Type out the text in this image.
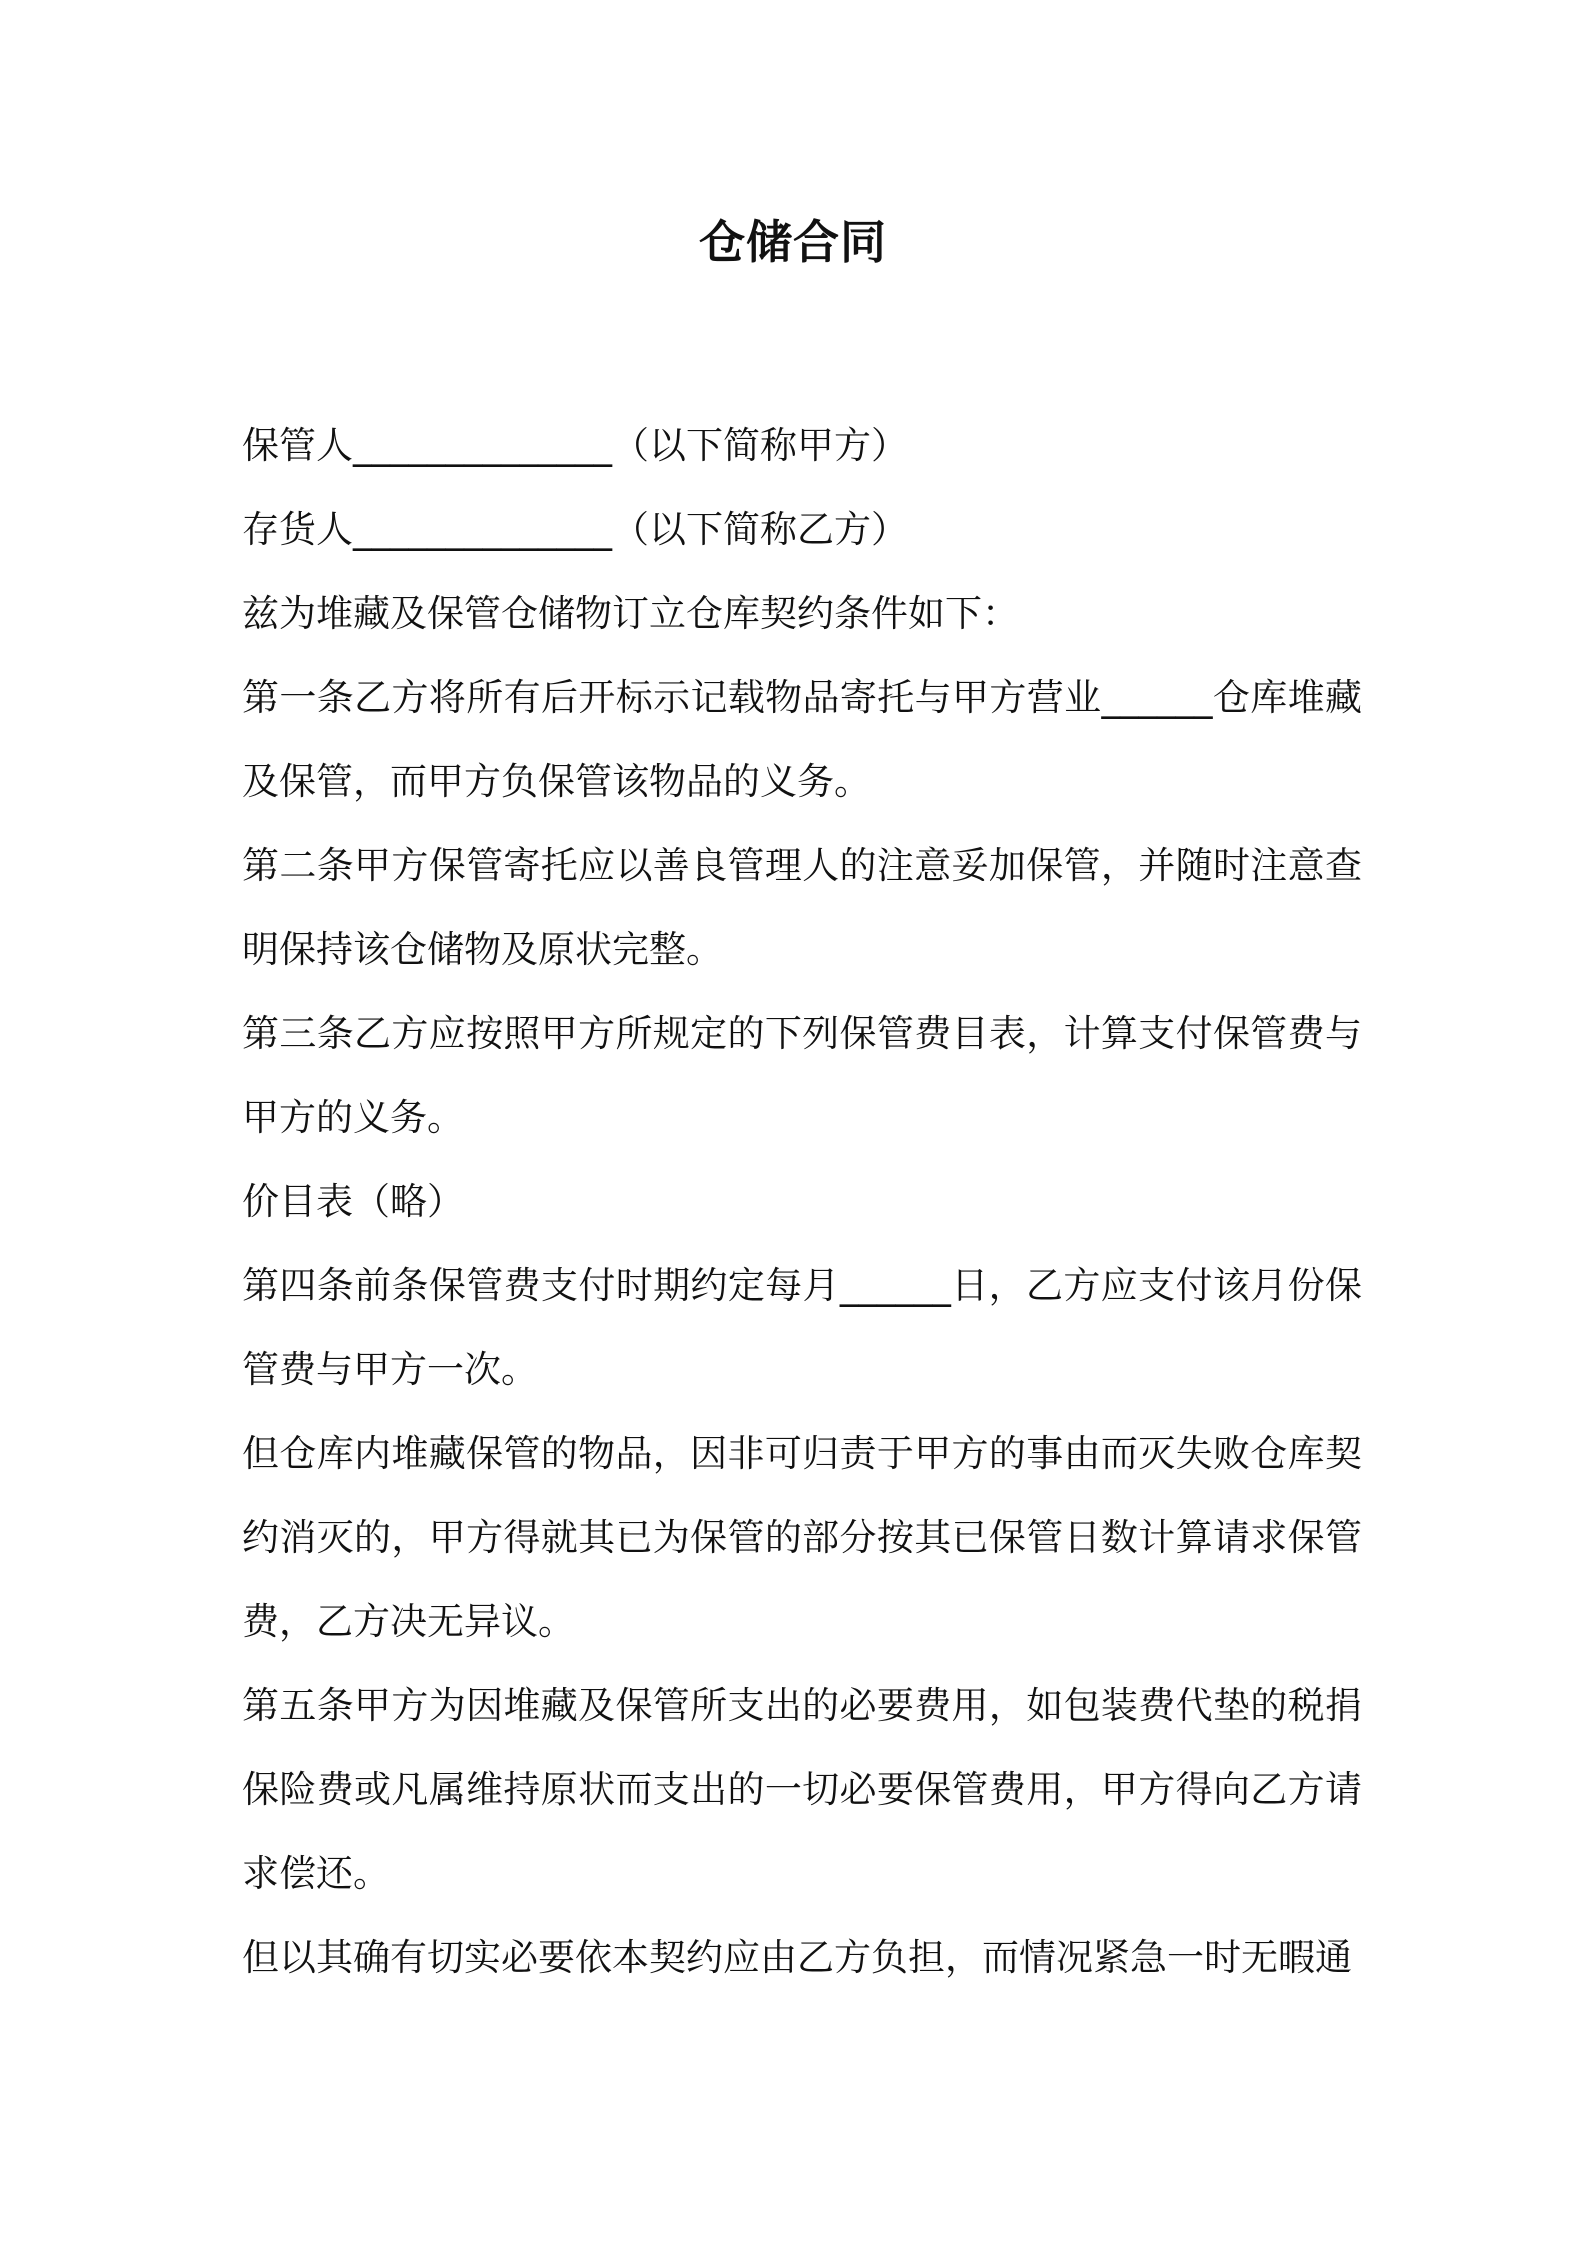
仓储合同

保管人______________（以下简称甲方）

存货人______________（以下简称乙方）

兹为堆藏及保管仓储物订立仓库契约条件如下：

第一条乙方将所有后开标示记载物品寄托与甲方营业______仓库堆藏及保管，而甲方负保管该物品的义务。

第二条甲方保管寄托应以善良管理人的注意妥加保管，并随时注意查明保持该仓储物及原状完整。

第三条乙方应按照甲方所规定的下列保管费目表，计算支付保管费与甲方的义务。

价目表（略）

第四条前条保管费支付时期约定每月______日，乙方应支付该月份保管费与甲方一次。

但仓库内堆藏保管的物品，因非可归责于甲方的事由而灭失败仓库契约消灭的，甲方得就其已为保管的部分按其已保管日数计算请求保管费，乙方决无异议。

第五条甲方为因堆藏及保管所支出的必要费用，如包装费代垫的税捐保险费或凡属维持原状而支出的一切必要保管费用，甲方得向乙方请求偿还。

但以其确有切实必要依本契约应由乙方负担，而情况紧急一时无暇通
